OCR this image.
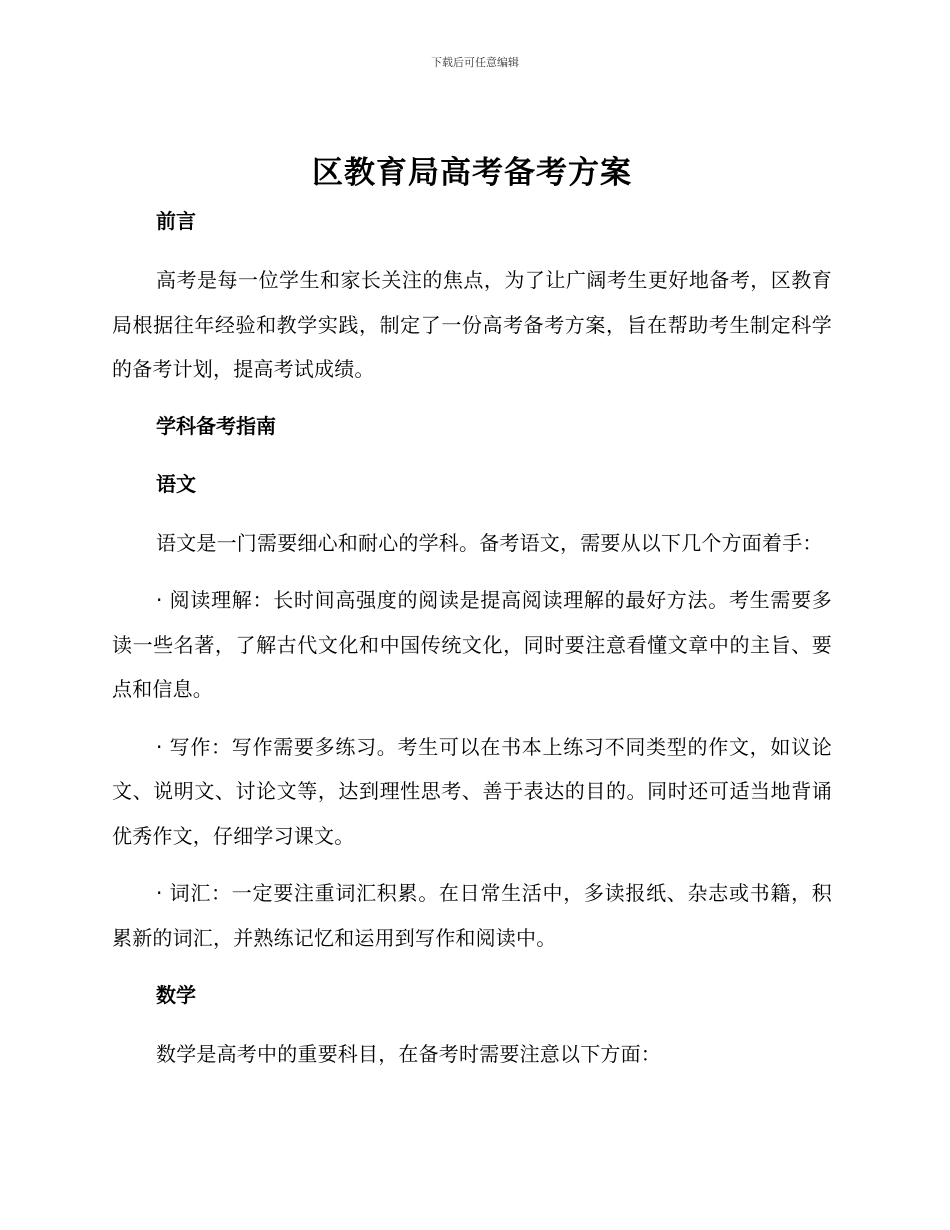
下载后可任意编辑
区教育局高考备考方案
前言

高考是每一位学生和家长关注的焦点，为了让广阔考生更好地备考，区教育局根据往年经验和教学实践，制定了一份高考备考方案，旨在帮助考生制定科学的备考计划，提高考试成绩。

学科备考指南
语文

语文是一门需要细心和耐心的学科。备考语文，需要从以下几个方面着手：

· 阅读理解：长时间高强度的阅读是提高阅读理解的最好方法。考生需要多读一些名著，了解古代文化和中国传统文化，同时要注意看懂文章中的主旨、要点和信息。

· 写作：写作需要多练习。考生可以在书本上练习不同类型的作文，如议论文、说明文、讨论文等，达到理性思考、善于表达的目的。同时还可适当地背诵优秀作文，仔细学习课文。

· 词汇：一定要注重词汇积累。在日常生活中，多读报纸、杂志或书籍，积累新的词汇，并熟练记忆和运用到写作和阅读中。

数学

数学是高考中的重要科目，在备考时需要注意以下方面：
